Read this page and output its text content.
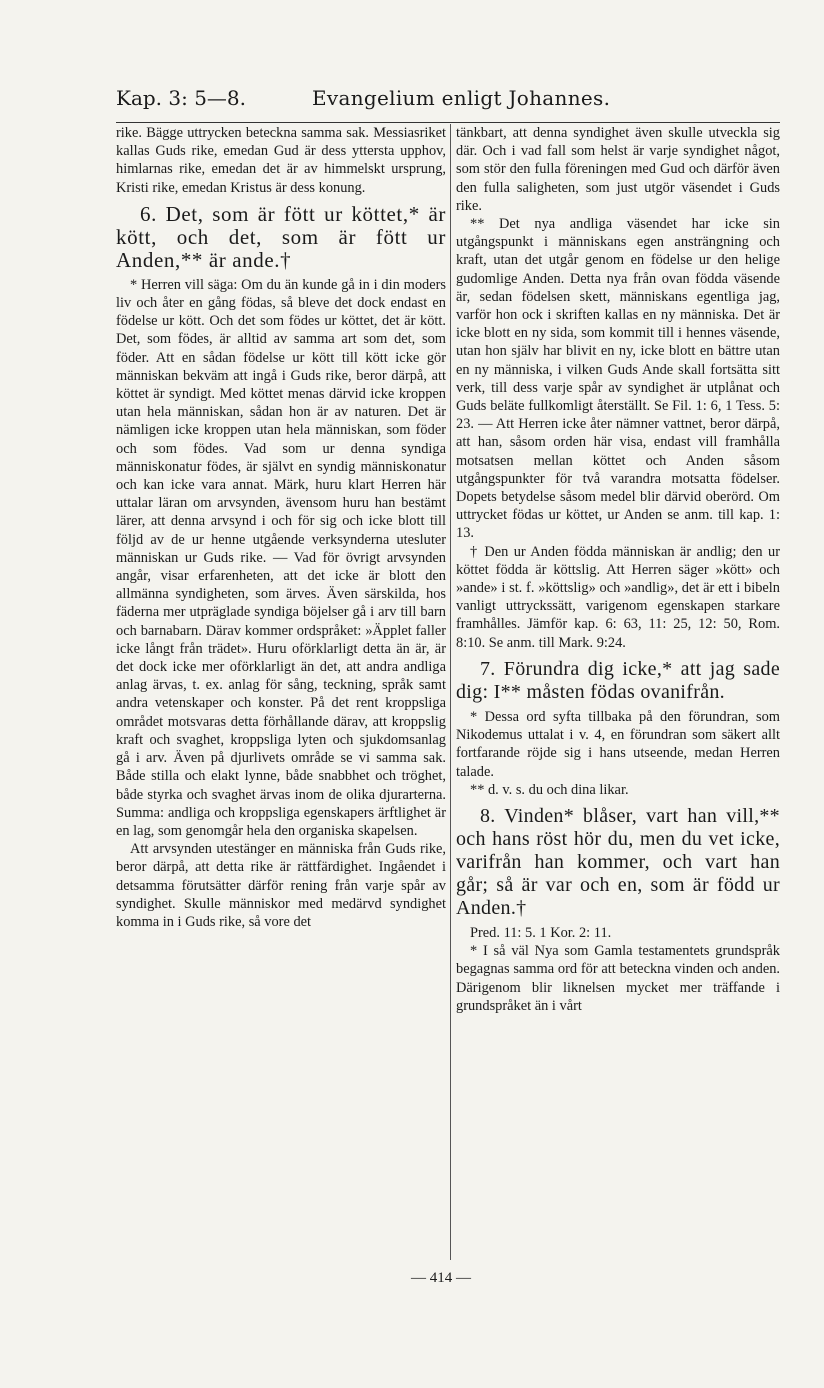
Kap. 3: 5—8.	Evangelium enligt Johannes.

rike. Bägge uttrycken beteckna samma sak. Messiasriket kallas Guds rike, emedan Gud är dess yttersta upphov, himlarnas rike, emedan det är av himmelskt ursprung, Kristi rike, emedan Kristus är dess konung.

6. Det, som är fött ur köttet,* är kött, och det, som är fött ur Anden,** är ande.†

* Herren vill säga: Om du än kunde gå in i din moders liv och åter en gång födas, så bleve det dock endast en födelse ur kött. Och det som födes ur köttet, det är kött. Det, som födes, är alltid av samma art som det, som föder. Att en sådan födelse ur kött till kött icke gör människan bekväm att ingå i Guds rike, beror därpå, att köttet är syndigt. Med köttet menas därvid icke kroppen utan hela människan, sådan hon är av naturen. Det är nämligen icke kroppen utan hela människan, som föder och som födes. Vad som ur denna syndiga människonatur födes, är självt en syndig människonatur och kan icke vara annat. Märk, huru klart Herren här uttalar läran om arvsynden, ävensom huru han bestämt lärer, att denna arvsynd i och för sig och icke blott till följd av de ur henne utgående verksynderna utesluter människan ur Guds rike. — Vad för övrigt arvsynden angår, visar erfarenheten, att det icke är blott den allmänna syndigheten, som ärves. Även särskilda, hos fäderna mer utpräglade syndiga böjelser gå i arv till barn och barnabarn. Därav kommer ordspråket: »Äpplet faller icke långt från trädet». Huru oförklarligt detta än är, är det dock icke mer oförklarligt än det, att andra andliga anlag ärvas, t. ex. anlag för sång, teckning, språk samt andra vetenskaper och konster. På det rent kroppsliga området motsvaras detta förhållande därav, att kroppslig kraft och svaghet, kroppsliga lyten och sjukdomsanlag gå i arv. Även på djurlivets område se vi samma sak. Både stilla och elakt lynne, både snabbhet och tröghet, både styrka och svaghet ärvas inom de olika djurarterna. Summa: andliga och kroppsliga egenskapers ärftlighet är en lag, som genomgår hela den organiska skapelsen.

Att arvsynden utestänger en människa från Guds rike, beror därpå, att detta rike är rättfärdighet. Ingåendet i detsamma förutsätter därför rening från varje spår av syndighet. Skulle människor med medärvd syndighet komma in i Guds rike, så vore det

tänkbart, att denna syndighet även skulle utveckla sig där. Och i vad fall som helst är varje syndighet något, som stör den fulla föreningen med Gud och därför även den fulla saligheten, som just utgör väsendet i Guds rike.

** Det nya andliga väsendet har icke sin utgångspunkt i människans egen ansträngning och kraft, utan det utgår genom en födelse ur den helige gudomlige Anden. Detta nya från ovan födda väsende är, sedan födelsen skett, människans egentliga jag, varför hon ock i skriften kallas en ny människa. Det är icke blott en ny sida, som kommit till i hennes väsende, utan hon själv har blivit en ny, icke blott en bättre utan en ny människa, i vilken Guds Ande skall fortsätta sitt verk, till dess varje spår av syndighet är utplånat och Guds beläte fullkomligt återställt. Se Fil. 1: 6, 1 Tess. 5: 23. — Att Herren icke åter nämner vattnet, beror därpå, att han, såsom orden här visa, endast vill framhålla motsatsen mellan köttet och Anden såsom utgångspunkter för två varandra motsatta födelser. Dopets betydelse såsom medel blir därvid oberörd. Om uttrycket födas ur köttet, ur Anden se anm. till kap. 1: 13.

† Den ur Anden födda människan är andlig; den ur köttet födda är köttslig. Att Herren säger »kött» och »ande» i st. f. »köttslig» och »andlig», det är ett i bibeln vanligt uttryckssätt, varigenom egenskapen starkare framhålles. Jämför kap. 6: 63, 11: 25, 12: 50, Rom. 8:10. Se anm. till Mark. 9:24.

7. Förundra dig icke,* att jag sade dig: I** måsten födas ovanifrån.

* Dessa ord syfta tillbaka på den förundran, som Nikodemus uttalat i v. 4, en förundran som säkert allt fortfarande röjde sig i hans utseende, medan Herren talade.

** d. v. s. du och dina likar.

8. Vinden* blåser, vart han vill,** och hans röst hör du, men du vet icke, varifrån han kommer, och vart han går; så är var och en, som är född ur Anden.†

Pred. 11: 5. 1 Kor. 2: 11.

* I så väl Nya som Gamla testamentets grundspråk begagnas samma ord för att beteckna vinden och anden. Därigenom blir liknelsen mycket mer träffande i grundspråket än i vårt

— 414 —
